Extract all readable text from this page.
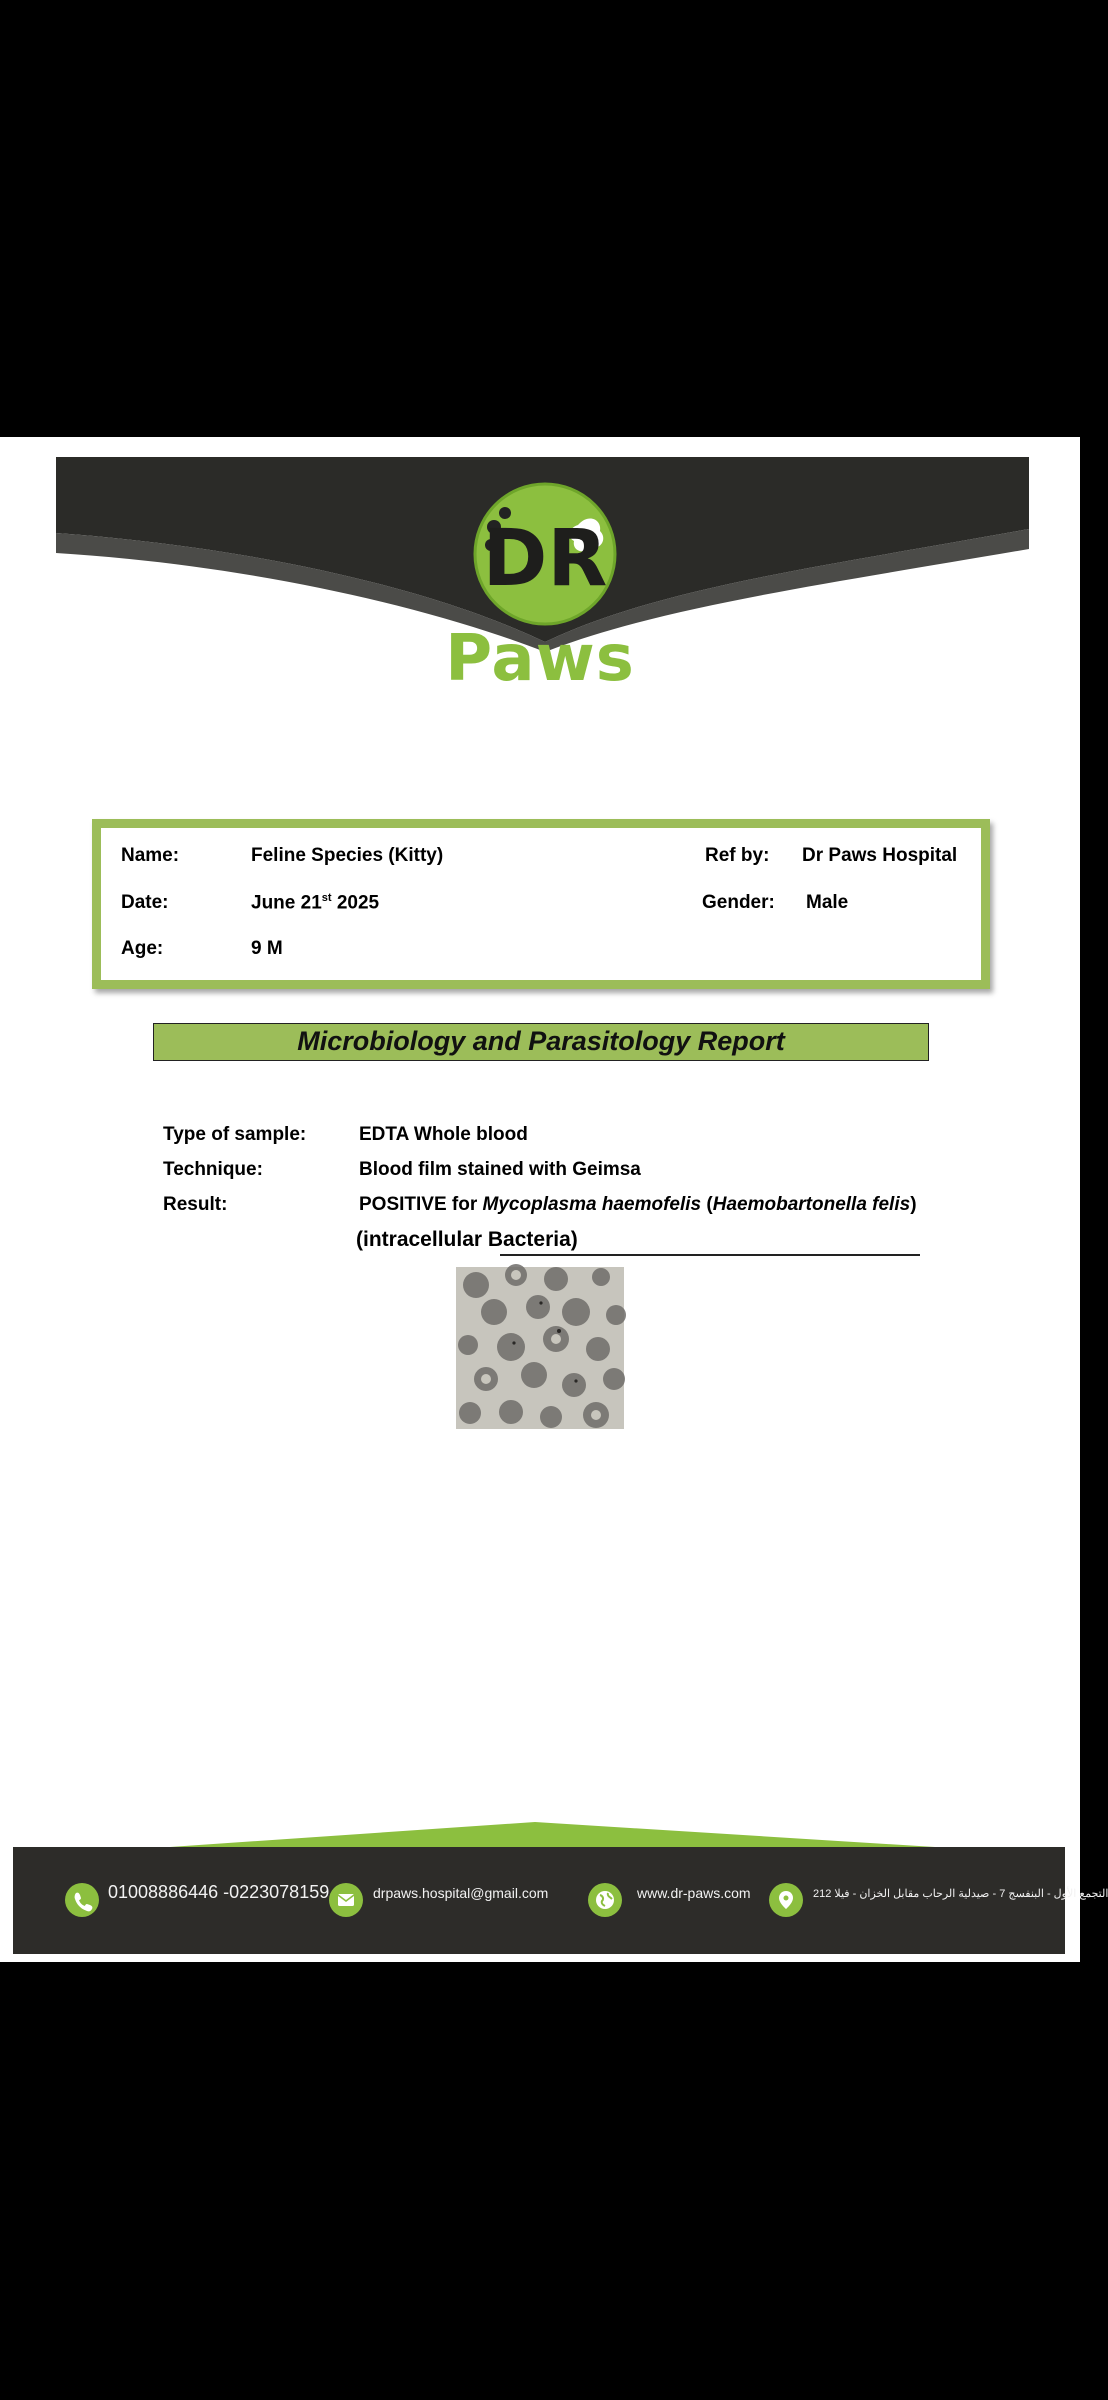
DR
Paws
Name:	Feline Species (Kitty)	Ref by: Dr Paws Hospital
Date:	June 21st 2025	Gender: Male
Age:	9 M
Microbiology and Parasitology Report
Type of sample:	EDTA Whole blood
Technique:	Blood film stained with Geimsa
Result:	POSITIVE for Mycoplasma haemofelis (Haemobartonella felis)
(intracellular Bacteria)
01008886446 -0223078159	drpaws.hospital@gmail.com	www.dr-paws.com	التجمع الأول - البنفسج 7 - صيدلية الرحاب مقابل الخزان - فيلا 212
